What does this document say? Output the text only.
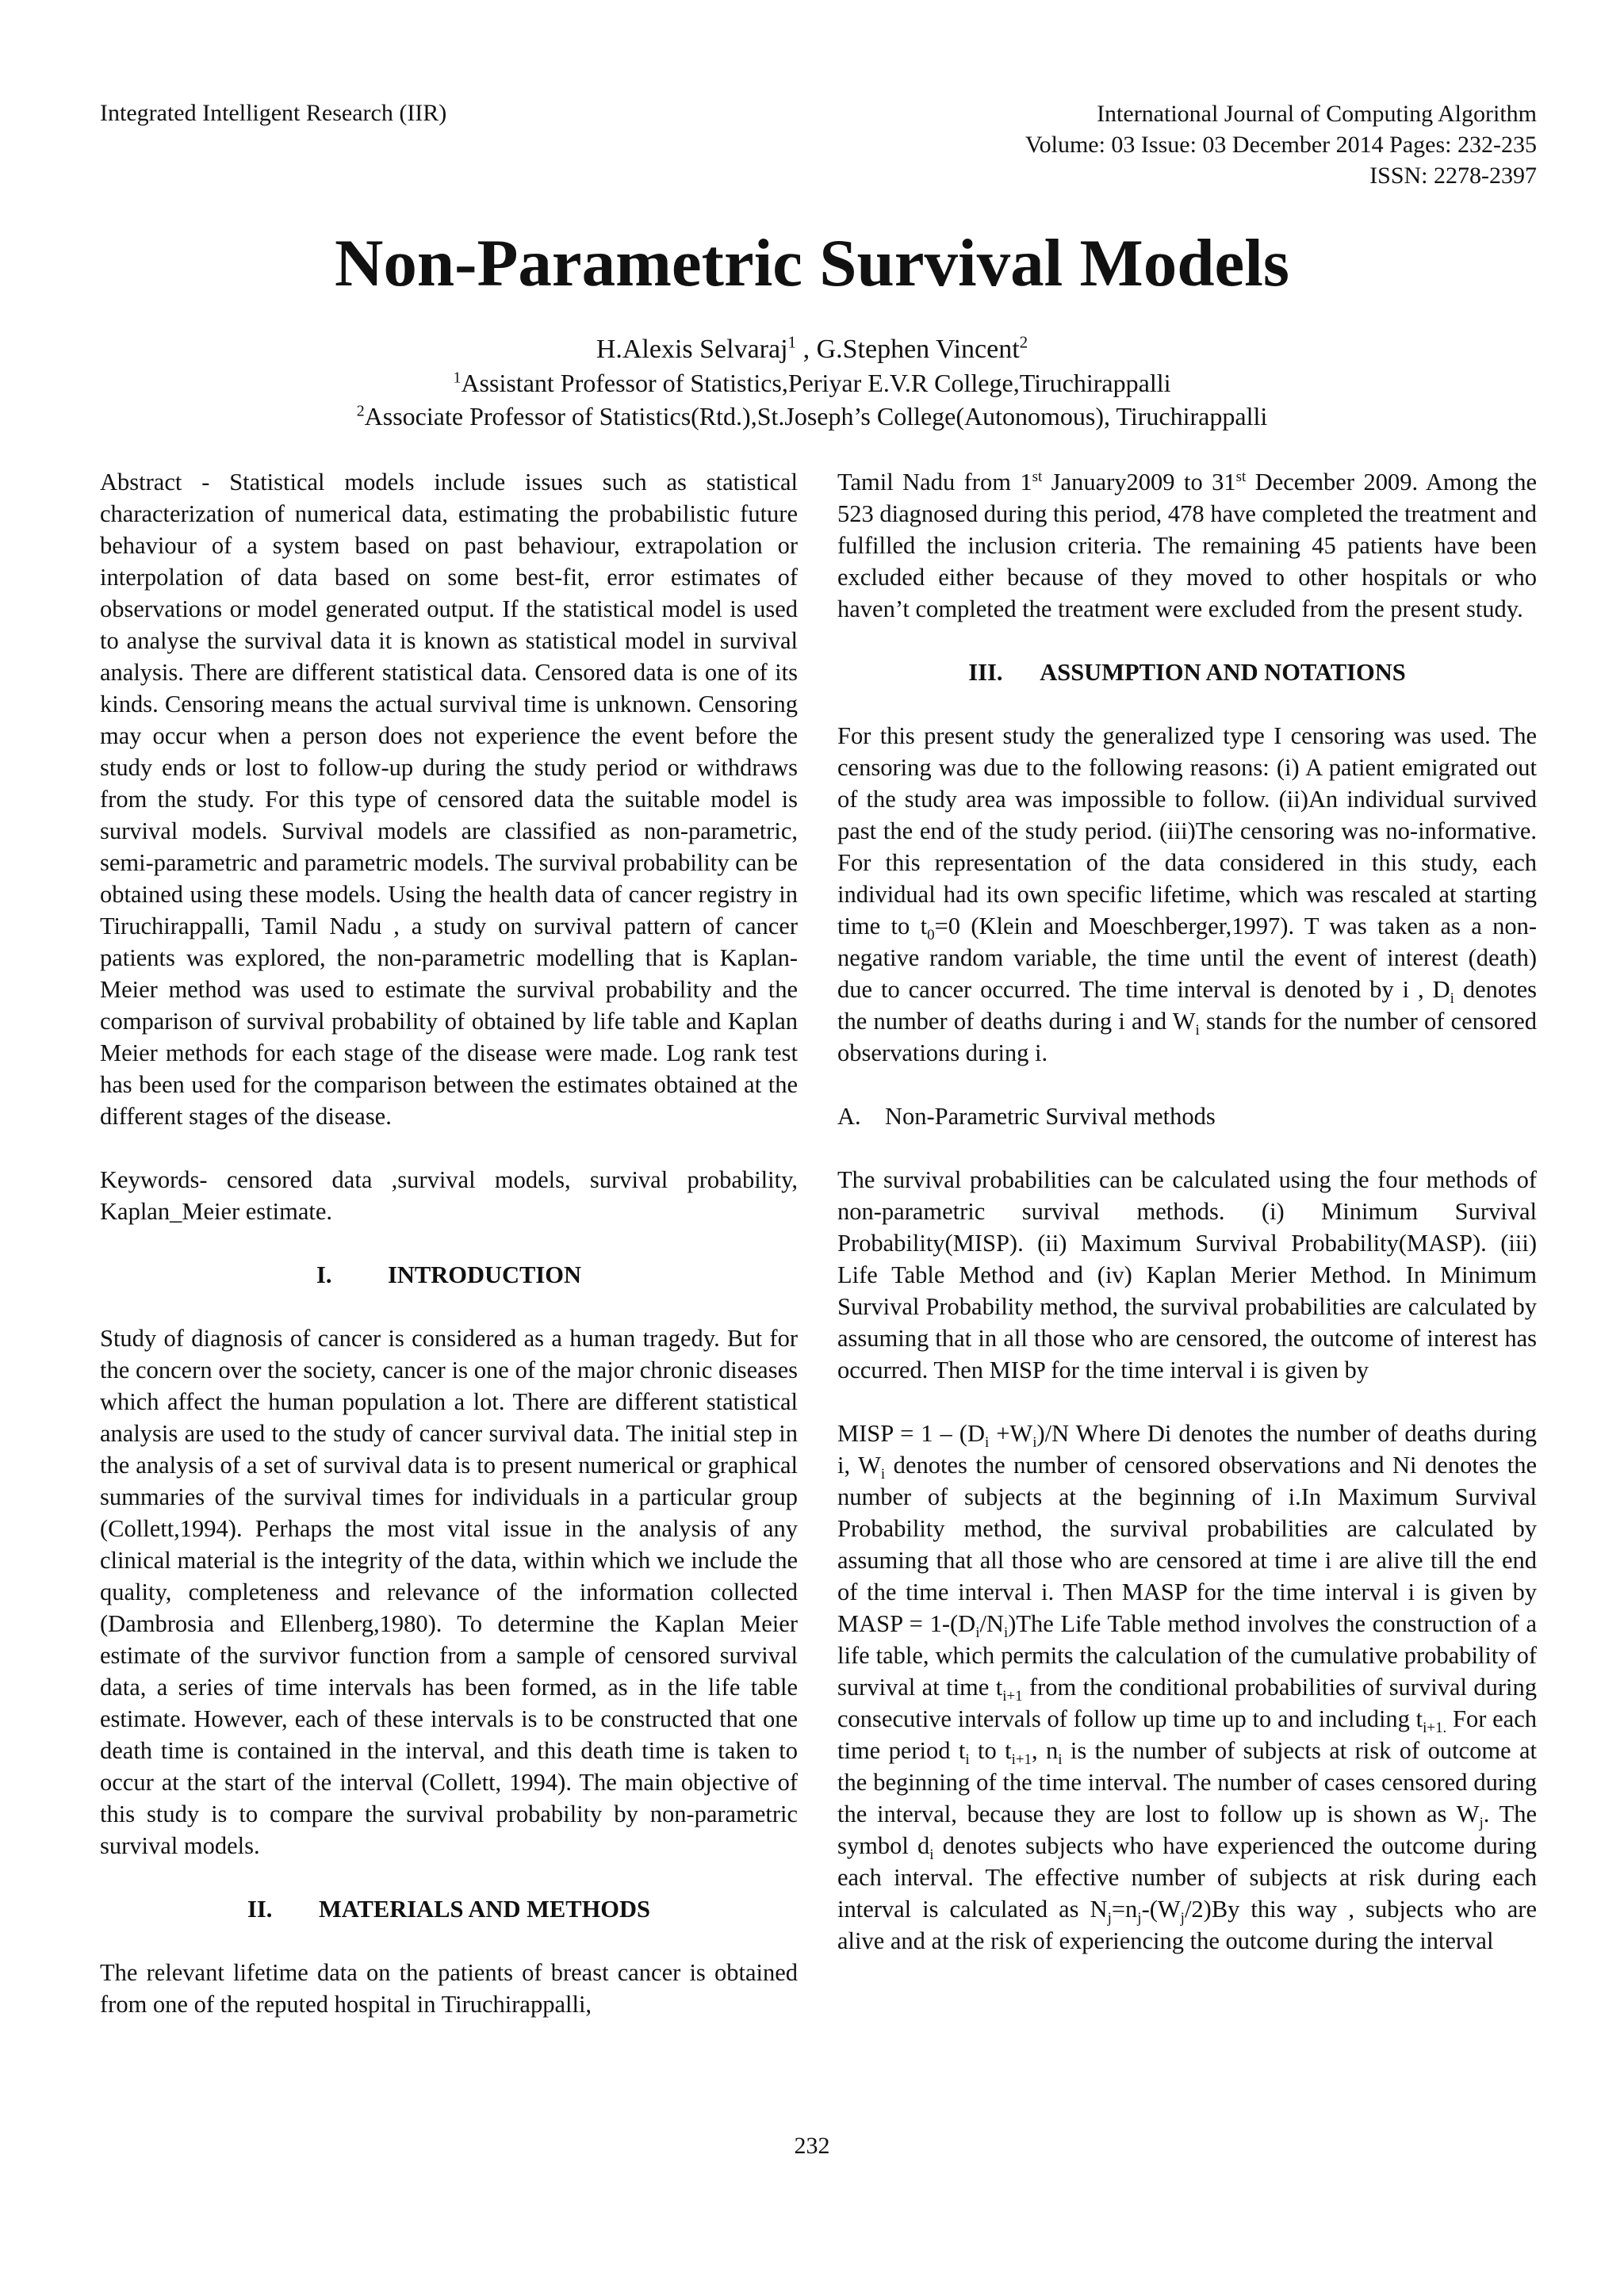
Integrated Intelligent Research (IIR)	International Journal of Computing Algorithm
Volume: 03 Issue: 03 December 2014 Pages: 232-235
ISSN: 2278-2397
Non-Parametric Survival Models
H.Alexis Selvaraj$^1$ , G.Stephen Vincent$^2$
$^1$Assistant Professor of Statistics,Periyar E.V.R College,Tiruchirappalli
$^2$Associate Professor of Statistics(Rtd.),St.Joseph’s College(Autonomous), Tiruchirappalli

Abstract - Statistical models include issues such as statistical characterization of numerical data, estimating the probabilistic future behaviour of a system based on past behaviour, extrapolation or interpolation of data based on some best-fit, error estimates of observations or model generated output. If the statistical model is used to analyse the survival data it is known as statistical model in survival analysis. There are different statistical data. Censored data is one of its kinds. Censoring means the actual survival time is unknown. Censoring may occur when a person does not experience the event before the study ends or lost to follow-up during the study period or withdraws from the study. For this type of censored data the suitable model is survival models. Survival models are classified as non-parametric, semi-parametric and parametric models. The survival probability can be obtained using these models. Using the health data of cancer registry in Tiruchirappalli, Tamil Nadu , a study on survival pattern of cancer patients was explored, the non-parametric modelling that is Kaplan-Meier method was used to estimate the survival probability and the comparison of survival probability of obtained by life table and Kaplan Meier methods for each stage of the disease were made. Log rank test has been used for the comparison between the estimates obtained at the different stages of the disease.

Keywords- censored data ,survival models, survival probability, Kaplan_Meier estimate.

I. INTRODUCTION

Study of diagnosis of cancer is considered as a human tragedy. But for the concern over the society, cancer is one of the major chronic diseases which affect the human population a lot. There are different statistical analysis are used to the study of cancer survival data. The initial step in the analysis of a set of survival data is to present numerical or graphical summaries of the survival times for individuals in a particular group (Collett,1994). Perhaps the most vital issue in the analysis of any clinical material is the integrity of the data, within which we include the quality, completeness and relevance of the information collected (Dambrosia and Ellenberg,1980). To determine the Kaplan Meier estimate of the survivor function from a sample of censored survival data, a series of time intervals has been formed, as in the life table estimate. However, each of these intervals is to be constructed that one death time is contained in the interval, and this death time is taken to occur at the start of the interval (Collett, 1994). The main objective of this study is to compare the survival probability by non-parametric survival models.

II. MATERIALS AND METHODS

The relevant lifetime data on the patients of breast cancer is obtained from one of the reputed hospital in Tiruchirappalli,

Tamil Nadu from 1st January2009 to 31st December 2009. Among the 523 diagnosed during this period, 478 have completed the treatment and fulfilled the inclusion criteria. The remaining 45 patients have been excluded either because of they moved to other hospitals or who haven’t completed the treatment were excluded from the present study.

III. ASSUMPTION AND NOTATIONS

For this present study the generalized type I censoring was used. The censoring was due to the following reasons: (i) A patient emigrated out of the study area was impossible to follow. (ii)An individual survived past the end of the study period. (iii)The censoring was no-informative. For this representation of the data considered in this study, each individual had its own specific lifetime, which was rescaled at starting time to $t_0=0$ (Klein and Moeschberger,1997). T was taken as a non-negative random variable, the time until the event of interest (death) due to cancer occurred. The time interval is denoted by i , $D_i$ denotes the number of deaths during i and $W_i$ stands for the number of censored observations during i.

A. Non-Parametric Survival methods

The survival probabilities can be calculated using the four methods of non-parametric survival methods. (i) Minimum Survival Probability(MISP). (ii) Maximum Survival Probability(MASP). (iii) Life Table Method and (iv) Kaplan Merier Method. In Minimum Survival Probability method, the survival probabilities are calculated by assuming that in all those who are censored, the outcome of interest has occurred. Then MISP for the time interval i is given by

MISP = $1 - (D_i +W_i)/N$ Where Di denotes the number of deaths during i, $W_i$ denotes the number of censored observations and Ni denotes the number of subjects at the beginning of i.In Maximum Survival Probability method, the survival probabilities are calculated by assuming that all those who are censored at time i are alive till the end of the time interval i. Then MASP for the time interval i is given by MASP = $1-(D_i/N_i)The$ Life Table method involves the construction of a life table, which permits the calculation of the cumulative probability of survival at time $t_{i+1}$ from the conditional probabilities of survival during consecutive intervals of follow up time up to and including $t_{i+1.}$ For each time period $t_i$ to $t_{i+1}$, $n_i$ is the number of subjects at risk of outcome at the beginning of the time interval. The number of cases censored during the interval, because they are lost to follow up is shown as $W_j$. The symbol $d_i$ denotes subjects who have experienced the outcome during each interval. The effective number of subjects at risk during each interval is calculated as $N_j=n_j-(W_j/2)By$ this way , subjects who are alive and at the risk of experiencing the outcome during the interval

232
